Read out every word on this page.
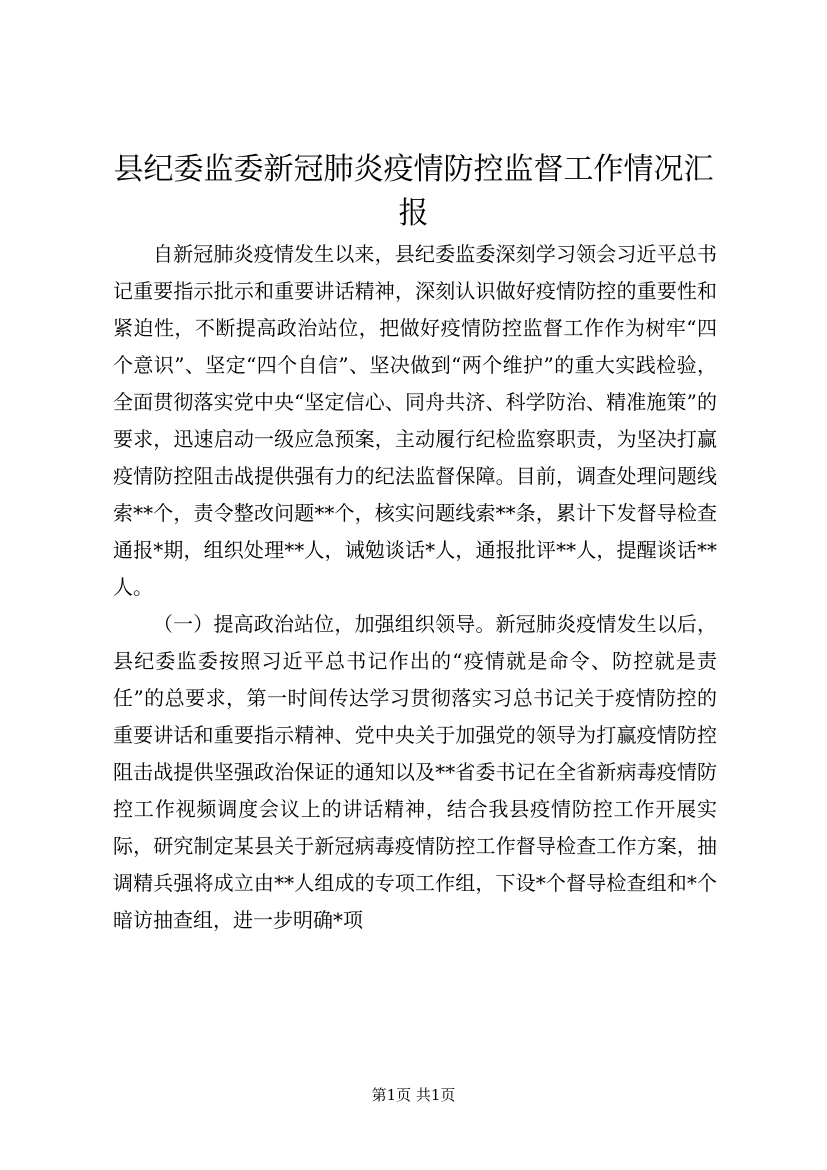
县纪委监委新冠肺炎疫情防控监督工作情况汇报

自新冠肺炎疫情发生以来，县纪委监委深刻学习领会习近平总书记重要指示批示和重要讲话精神，深刻认识做好疫情防控的重要性和紧迫性，不断提高政治站位，把做好疫情防控监督工作作为树牢“四个意识”、坚定“四个自信”、坚决做到“两个维护”的重大实践检验，全面贯彻落实党中央“坚定信心、同舟共济、科学防治、精准施策”的要求，迅速启动一级应急预案，主动履行纪检监察职责，为坚决打赢疫情防控阻击战提供强有力的纪法监督保障。目前，调查处理问题线索**个，责令整改问题**个，核实问题线索**条，累计下发督导检查通报*期，组织处理**人，诫勉谈话*人，通报批评**人，提醒谈话**人。

（一）提高政治站位，加强组织领导。新冠肺炎疫情发生以后，县纪委监委按照习近平总书记作出的“疫情就是命令、防控就是责任”的总要求，第一时间传达学习贯彻落实习总书记关于疫情防控的重要讲话和重要指示精神、党中央关于加强党的领导为打赢疫情防控阻击战提供坚强政治保证的通知以及**省委书记在全省新病毒疫情防控工作视频调度会议上的讲话精神，结合我县疫情防控工作开展实际，研究制定某县关于新冠病毒疫情防控工作督导检查工作方案，抽调精兵强将成立由**人组成的专项工作组，下设*个督导检查组和*个暗访抽查组，进一步明确*项

第1页 共1页
